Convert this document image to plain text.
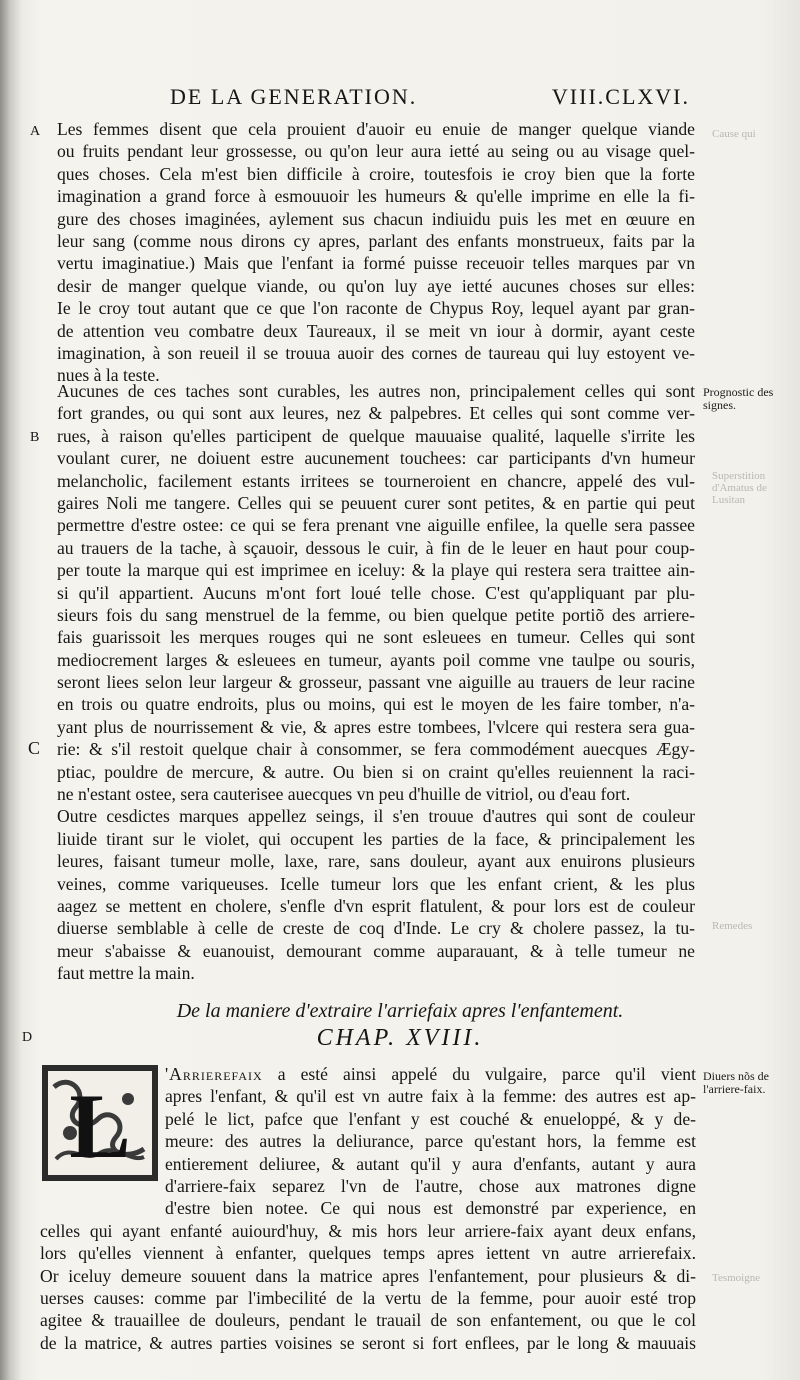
DE LA GENERATION.	VIII.CLXVI.
A
B
C
D
Les femmes disent que cela prouient d'auoir eu enuie de manger quelque viande
ou fruits pendant leur grossesse, ou qu'on leur aura ietté au seing ou au visage quel-
ques choses. Cela m'est bien difficile à croire, toutesfois ie croy bien que la forte
imagination a grand force à esmouuoir les humeurs & qu'elle imprime en elle la fi-
gure des choses imaginées, aylement sus chacun indiuidu puis les met en œuure en
leur sang (comme nous dirons cy apres, parlant des enfants monstrueux, faits par la
vertu imaginatiue.) Mais que l'enfant ia formé puisse receuoir telles marques par vn
desir de manger quelque viande, ou qu'on luy aye ietté aucunes choses sur elles:
Ie le croy tout autant que ce que l'on raconte de Chypus Roy, lequel ayant par gran-
de attention veu combatre deux Taureaux, il se meit vn iour à dormir, ayant ceste
imagination, à son reueil il se trouua auoir des cornes de taureau qui luy estoyent ve-
nues à la teste.
Aucunes de ces taches sont curables, les autres non, principalement celles qui sont
fort grandes, ou qui sont aux leures, nez & palpebres. Et celles qui sont comme ver-
rues, à raison qu'elles participent de quelque mauuaise qualité, laquelle s'irrite les
voulant curer, ne doiuent estre aucunement touchees: car participants d'vn humeur
melancholic, facilement estants irritees se tourneroient en chancre, appelé des vul-
gaires Noli me tangere. Celles qui se peuuent curer sont petites, & en partie qui peut
permettre d'estre ostee: ce qui se fera prenant vne aiguille enfilee, la quelle sera passee
au trauers de la tache, à sçauoir, dessous le cuir, à fin de le leuer en haut pour coup-
per toute la marque qui est imprimee en iceluy: & la playe qui restera sera traittee ain-
si qu'il appartient. Aucuns m'ont fort loué telle chose. C'est qu'appliquant par plu-
sieurs fois du sang menstruel de la femme, ou bien quelque petite portiõ des arriere-
fais guarissoit les merques rouges qui ne sont esleuees en tumeur. Celles qui sont
mediocrement larges & esleuees en tumeur, ayants poil comme vne taulpe ou souris,
seront liees selon leur largeur & grosseur, passant vne aiguille au trauers de leur racine
en trois ou quatre endroits, plus ou moins, qui est le moyen de les faire tomber, n'a-
yant plus de nourrissement & vie, & apres estre tombees, l'vlcere qui restera sera gua-
rie: & s'il restoit quelque chair à consommer, se fera commodément auecques Ægy-
ptiac, pouldre de mercure, & autre. Ou bien si on craint qu'elles reuiennent la raci-
ne n'estant ostee, sera cauterisee auecques vn peu d'huille de vitriol, ou d'eau fort.
Outre cesdictes marques appellez seings, il s'en trouue d'autres qui sont de couleur
liuide tirant sur le violet, qui occupent les parties de la face, & principalement les
leures, faisant tumeur molle, laxe, rare, sans douleur, ayant aux enuirons plusieurs
veines, comme variqueuses. Icelle tumeur lors que les enfant crient, & les plus
aagez se mettent en cholere, s'enfle d'vn esprit flatulent, & pour lors est de couleur
diuerse semblable à celle de creste de coq d'Inde. Le cry & cholere passez, la tu-
meur s'abaisse & euanouist, demourant comme auparauant, & à telle tumeur ne
faut mettre la main.
Prognostic des signes.
Diuers nõs de l'arriere-faix.
Cause qui
Superstition d'Amatus de Lusitan
Remedes
Tesmoigne
De la maniere d'extraire l'arriefaix apres l'enfantement.
CHAP. XVIII.
L
'Arrierefaix a esté ainsi appelé du vulgaire, parce qu'il vient
apres l'enfant, & qu'il est vn autre faix à la femme: des autres est ap-
pelé le lict, pafce que l'enfant y est couché & enueloppé, & y de-
meure: des autres la deliurance, parce qu'estant hors, la femme est
entierement deliuree, & autant qu'il y aura d'enfants, autant y aura
d'arriere-faix separez l'vn de l'autre, chose aux matrones digne
d'estre bien notee. Ce qui nous est demonstré par experience, en
celles qui ayant enfanté auiourd'huy, & mis hors leur arriere-faix ayant deux enfans,
lors qu'elles viennent à enfanter, quelques temps apres iettent vn autre arrierefaix.
Or iceluy demeure souuent dans la matrice apres l'enfantement, pour plusieurs & di-
uerses causes: comme par l'imbecilité de la vertu de la femme, pour auoir esté trop
agitee & trauaillee de douleurs, pendant le trauail de son enfantement, ou que le col
de la matrice, & autres parties voisines se seront si fort enflees, par le long & mauuais
